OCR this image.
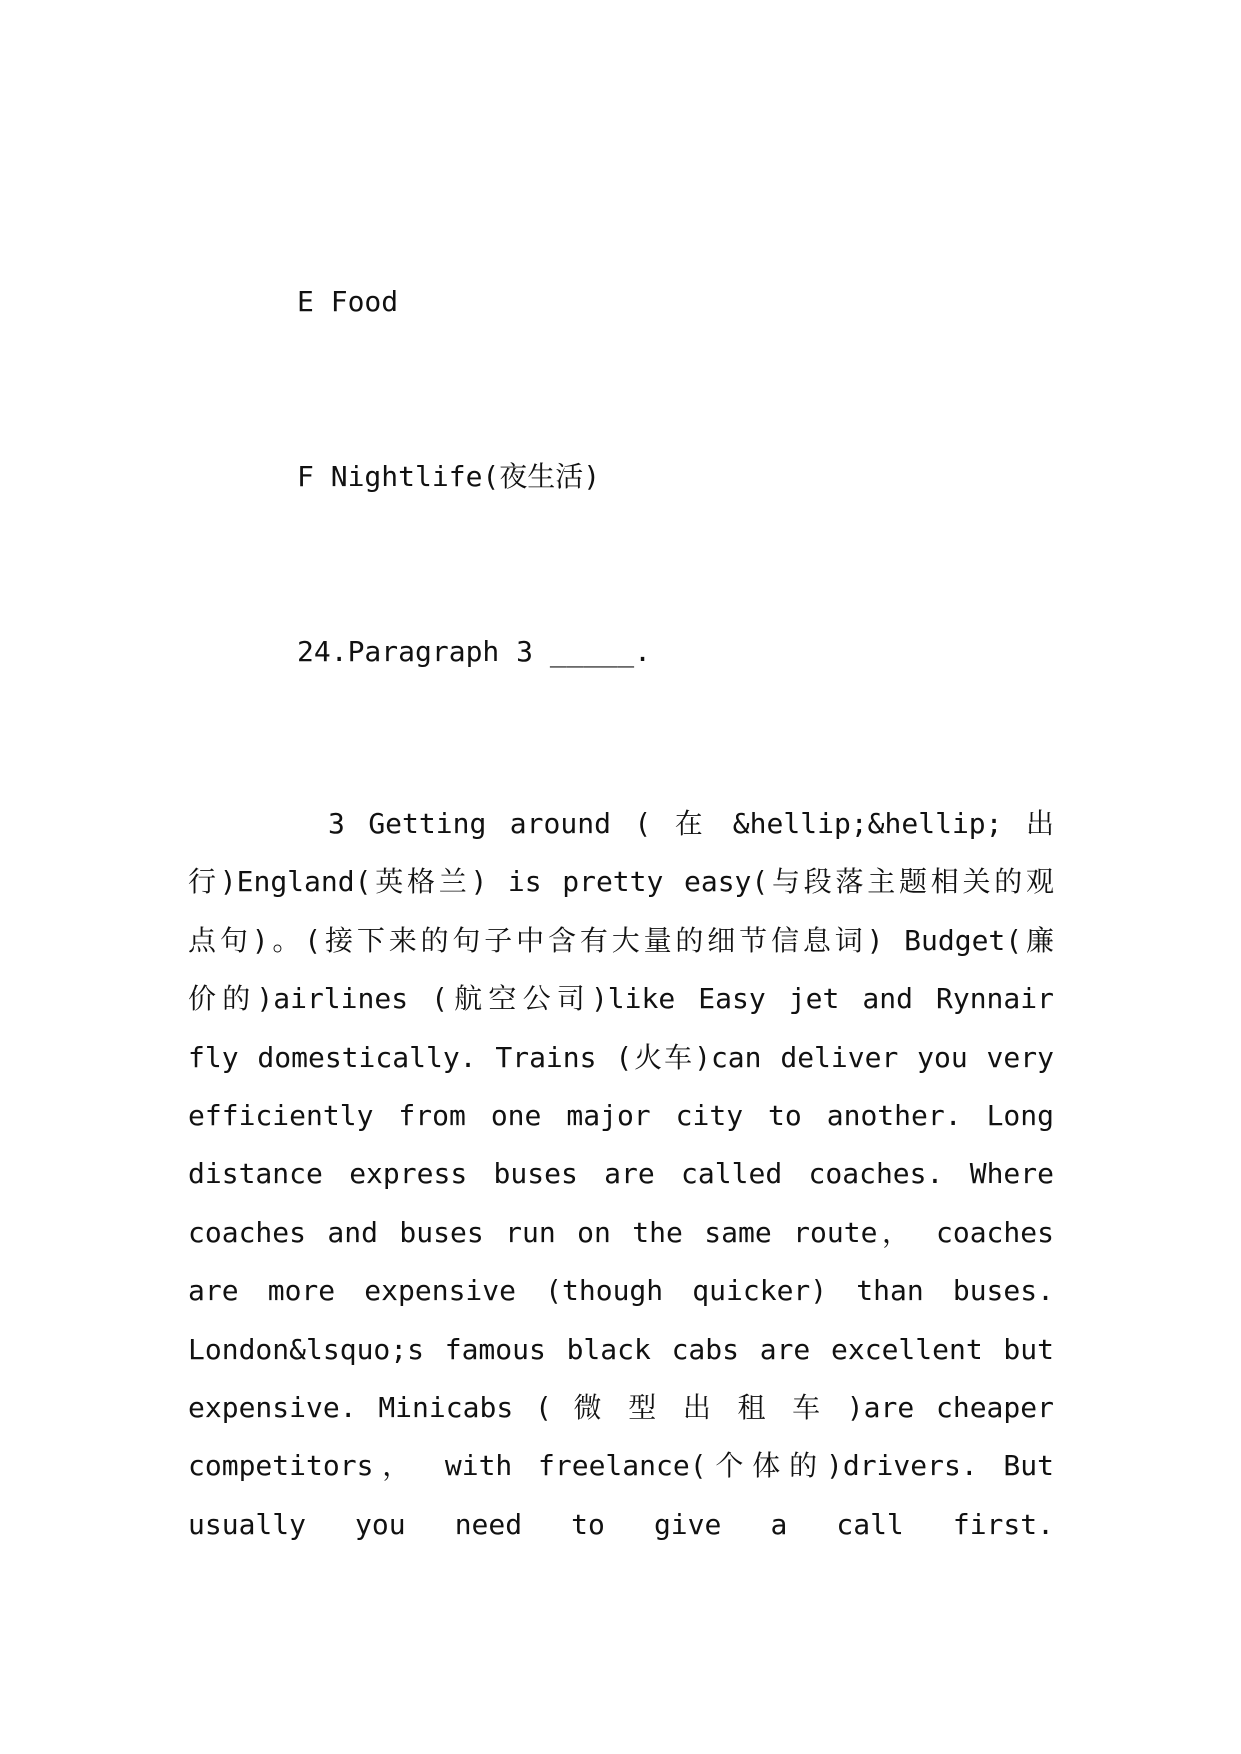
E Food

F Nightlife(夜生活)

24.Paragraph 3 _____.

3 Getting around ( 在 &hellip;&hellip; 出
行)England(英格兰) is pretty easy(与段落主题相关的观
点句)。(接下来的句子中含有大量的细节信息词) Budget(廉
价的)airlines (航空公司)like Easy jet and Rynnair
fly domestically. Trains (火车)can deliver you very
efficiently from one major city to another. Long
distance express buses are called coaches. Where
coaches and buses run on the same route， coaches
are more expensive (though quicker) than buses.
London&lsquo;s famous black cabs are excellent but
expensive. Minicabs ( 微 型 出 租 车 )are cheaper
competitors， with freelance(个体的)drivers. But
usually you need to give a call first.
